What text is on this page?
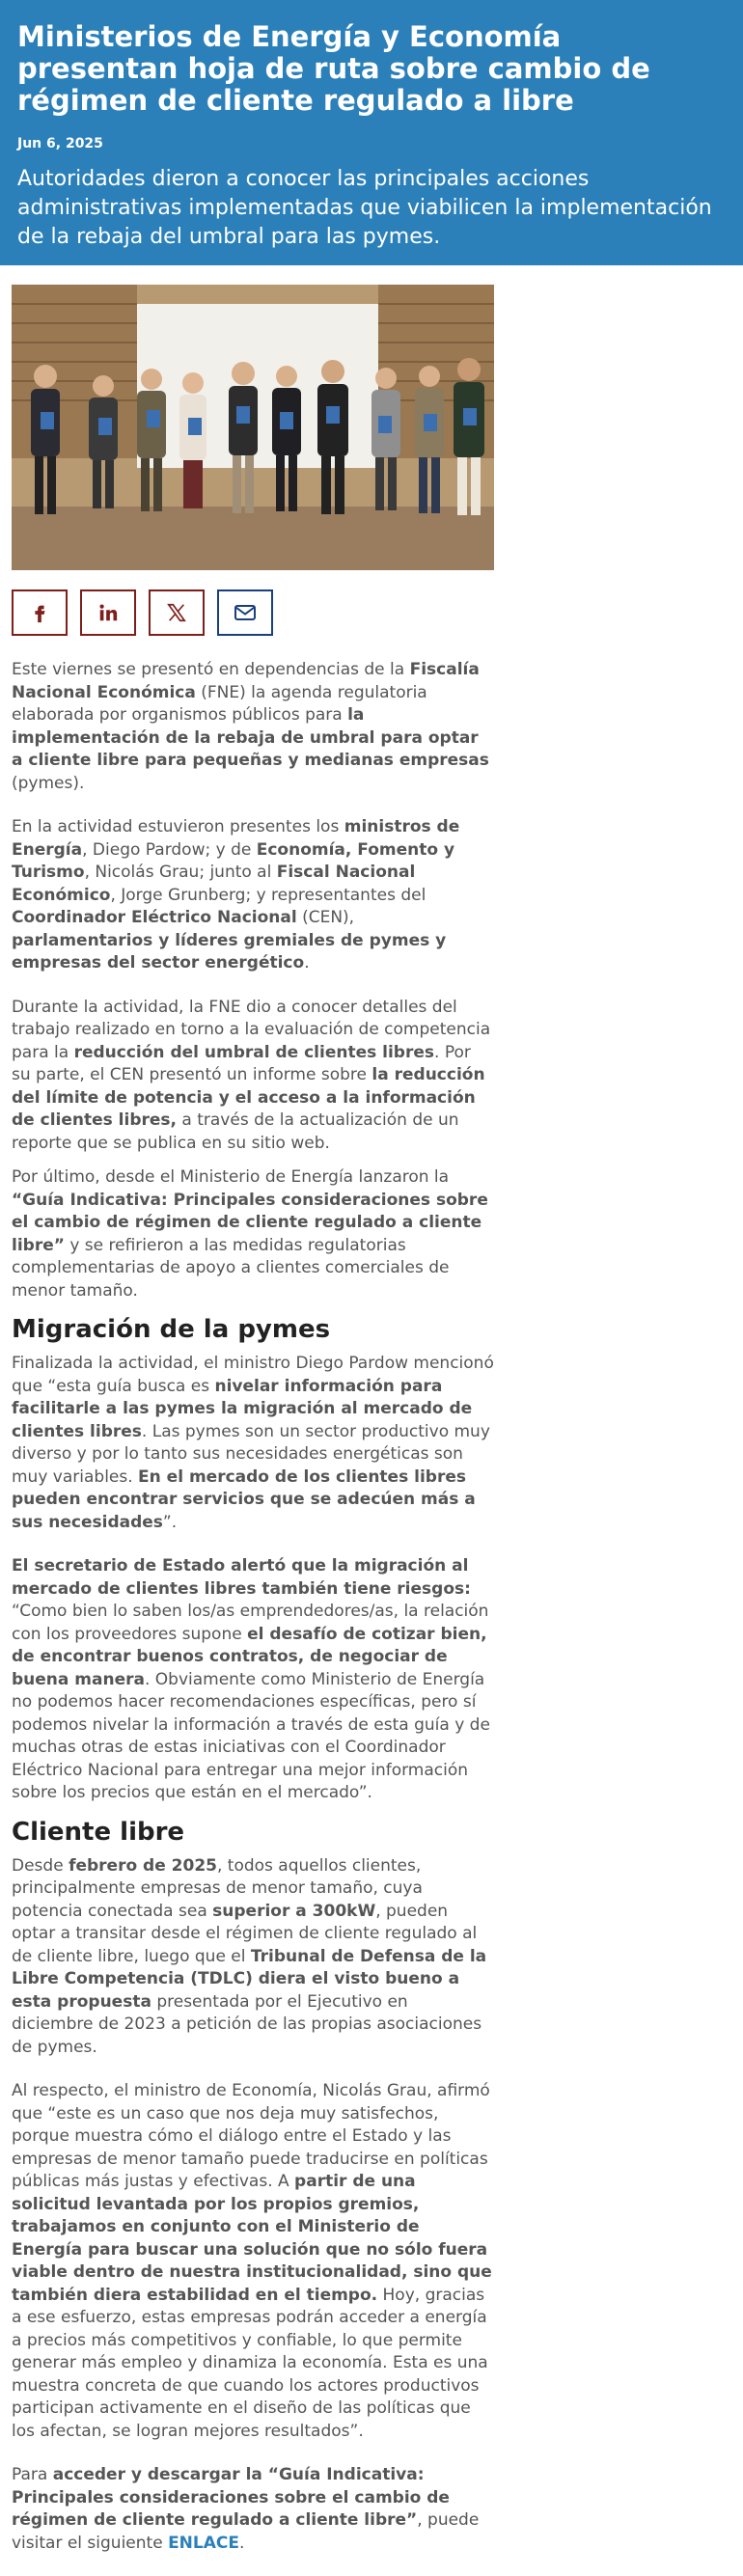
Ministerios de Energía y Economía presentan hoja de ruta sobre cambio de régimen de cliente regulado a libre
Jun 6, 2025
Autoridades dieron a conocer las principales acciones administrativas implementadas que viabilicen la implementación de la rebaja del umbral para las pymes.

Este viernes se presentó en dependencias de la Fiscalía Nacional Económica (FNE) la agenda regulatoria elaborada por organismos públicos para la implementación de la rebaja de umbral para optar a cliente libre para pequeñas y medianas empresas (pymes).

En la actividad estuvieron presentes los ministros de Energía, Diego Pardow; y de Economía, Fomento y Turismo, Nicolás Grau; junto al Fiscal Nacional Económico, Jorge Grunberg; y representantes del Coordinador Eléctrico Nacional (CEN), parlamentarios y líderes gremiales de pymes y empresas del sector energético.

Durante la actividad, la FNE dio a conocer detalles del trabajo realizado en torno a la evaluación de competencia para la reducción del umbral de clientes libres. Por su parte, el CEN presentó un informe sobre la reducción del límite de potencia y el acceso a la información de clientes libres, a través de la actualización de un reporte que se publica en su sitio web.

Por último, desde el Ministerio de Energía lanzaron la “Guía Indicativa: Principales consideraciones sobre el cambio de régimen de cliente regulado a cliente libre” y se refirieron a las medidas regulatorias complementarias de apoyo a clientes comerciales de menor tamaño.

Migración de la pymes

Finalizada la actividad, el ministro Diego Pardow mencionó que “esta guía busca es nivelar información para facilitarle a las pymes la migración al mercado de clientes libres. Las pymes son un sector productivo muy diverso y por lo tanto sus necesidades energéticas son muy variables. En el mercado de los clientes libres pueden encontrar servicios que se adecúen más a sus necesidades”.

El secretario de Estado alertó que la migración al mercado de clientes libres también tiene riesgos: “Como bien lo saben los/as emprendedores/as, la relación con los proveedores supone el desafío de cotizar bien, de encontrar buenos contratos, de negociar de buena manera. Obviamente como Ministerio de Energía no podemos hacer recomendaciones específicas, pero sí podemos nivelar la información a través de esta guía y de muchas otras de estas iniciativas con el Coordinador Eléctrico Nacional para entregar una mejor información sobre los precios que están en el mercado”.

Cliente libre

Desde febrero de 2025, todos aquellos clientes, principalmente empresas de menor tamaño, cuya potencia conectada sea superior a 300kW, pueden optar a transitar desde el régimen de cliente regulado al de cliente libre, luego que el Tribunal de Defensa de la Libre Competencia (TDLC) diera el visto bueno a esta propuesta presentada por el Ejecutivo en diciembre de 2023 a petición de las propias asociaciones de pymes.

Al respecto, el ministro de Economía, Nicolás Grau, afirmó que “este es un caso que nos deja muy satisfechos, porque muestra cómo el diálogo entre el Estado y las empresas de menor tamaño puede traducirse en políticas públicas más justas y efectivas. A partir de una solicitud levantada por los propios gremios, trabajamos en conjunto con el Ministerio de Energía para buscar una solución que no sólo fuera viable dentro de nuestra institucionalidad, sino que también diera estabilidad en el tiempo. Hoy, gracias a ese esfuerzo, estas empresas podrán acceder a energía a precios más competitivos y confiable, lo que permite generar más empleo y dinamiza la economía. Esta es una muestra concreta de que cuando los actores productivos participan activamente en el diseño de las políticas que los afectan, se logran mejores resultados”.

Para acceder y descargar la “Guía Indicativa: Principales consideraciones sobre el cambio de régimen de cliente regulado a cliente libre”, puede visitar el siguiente ENLACE.
